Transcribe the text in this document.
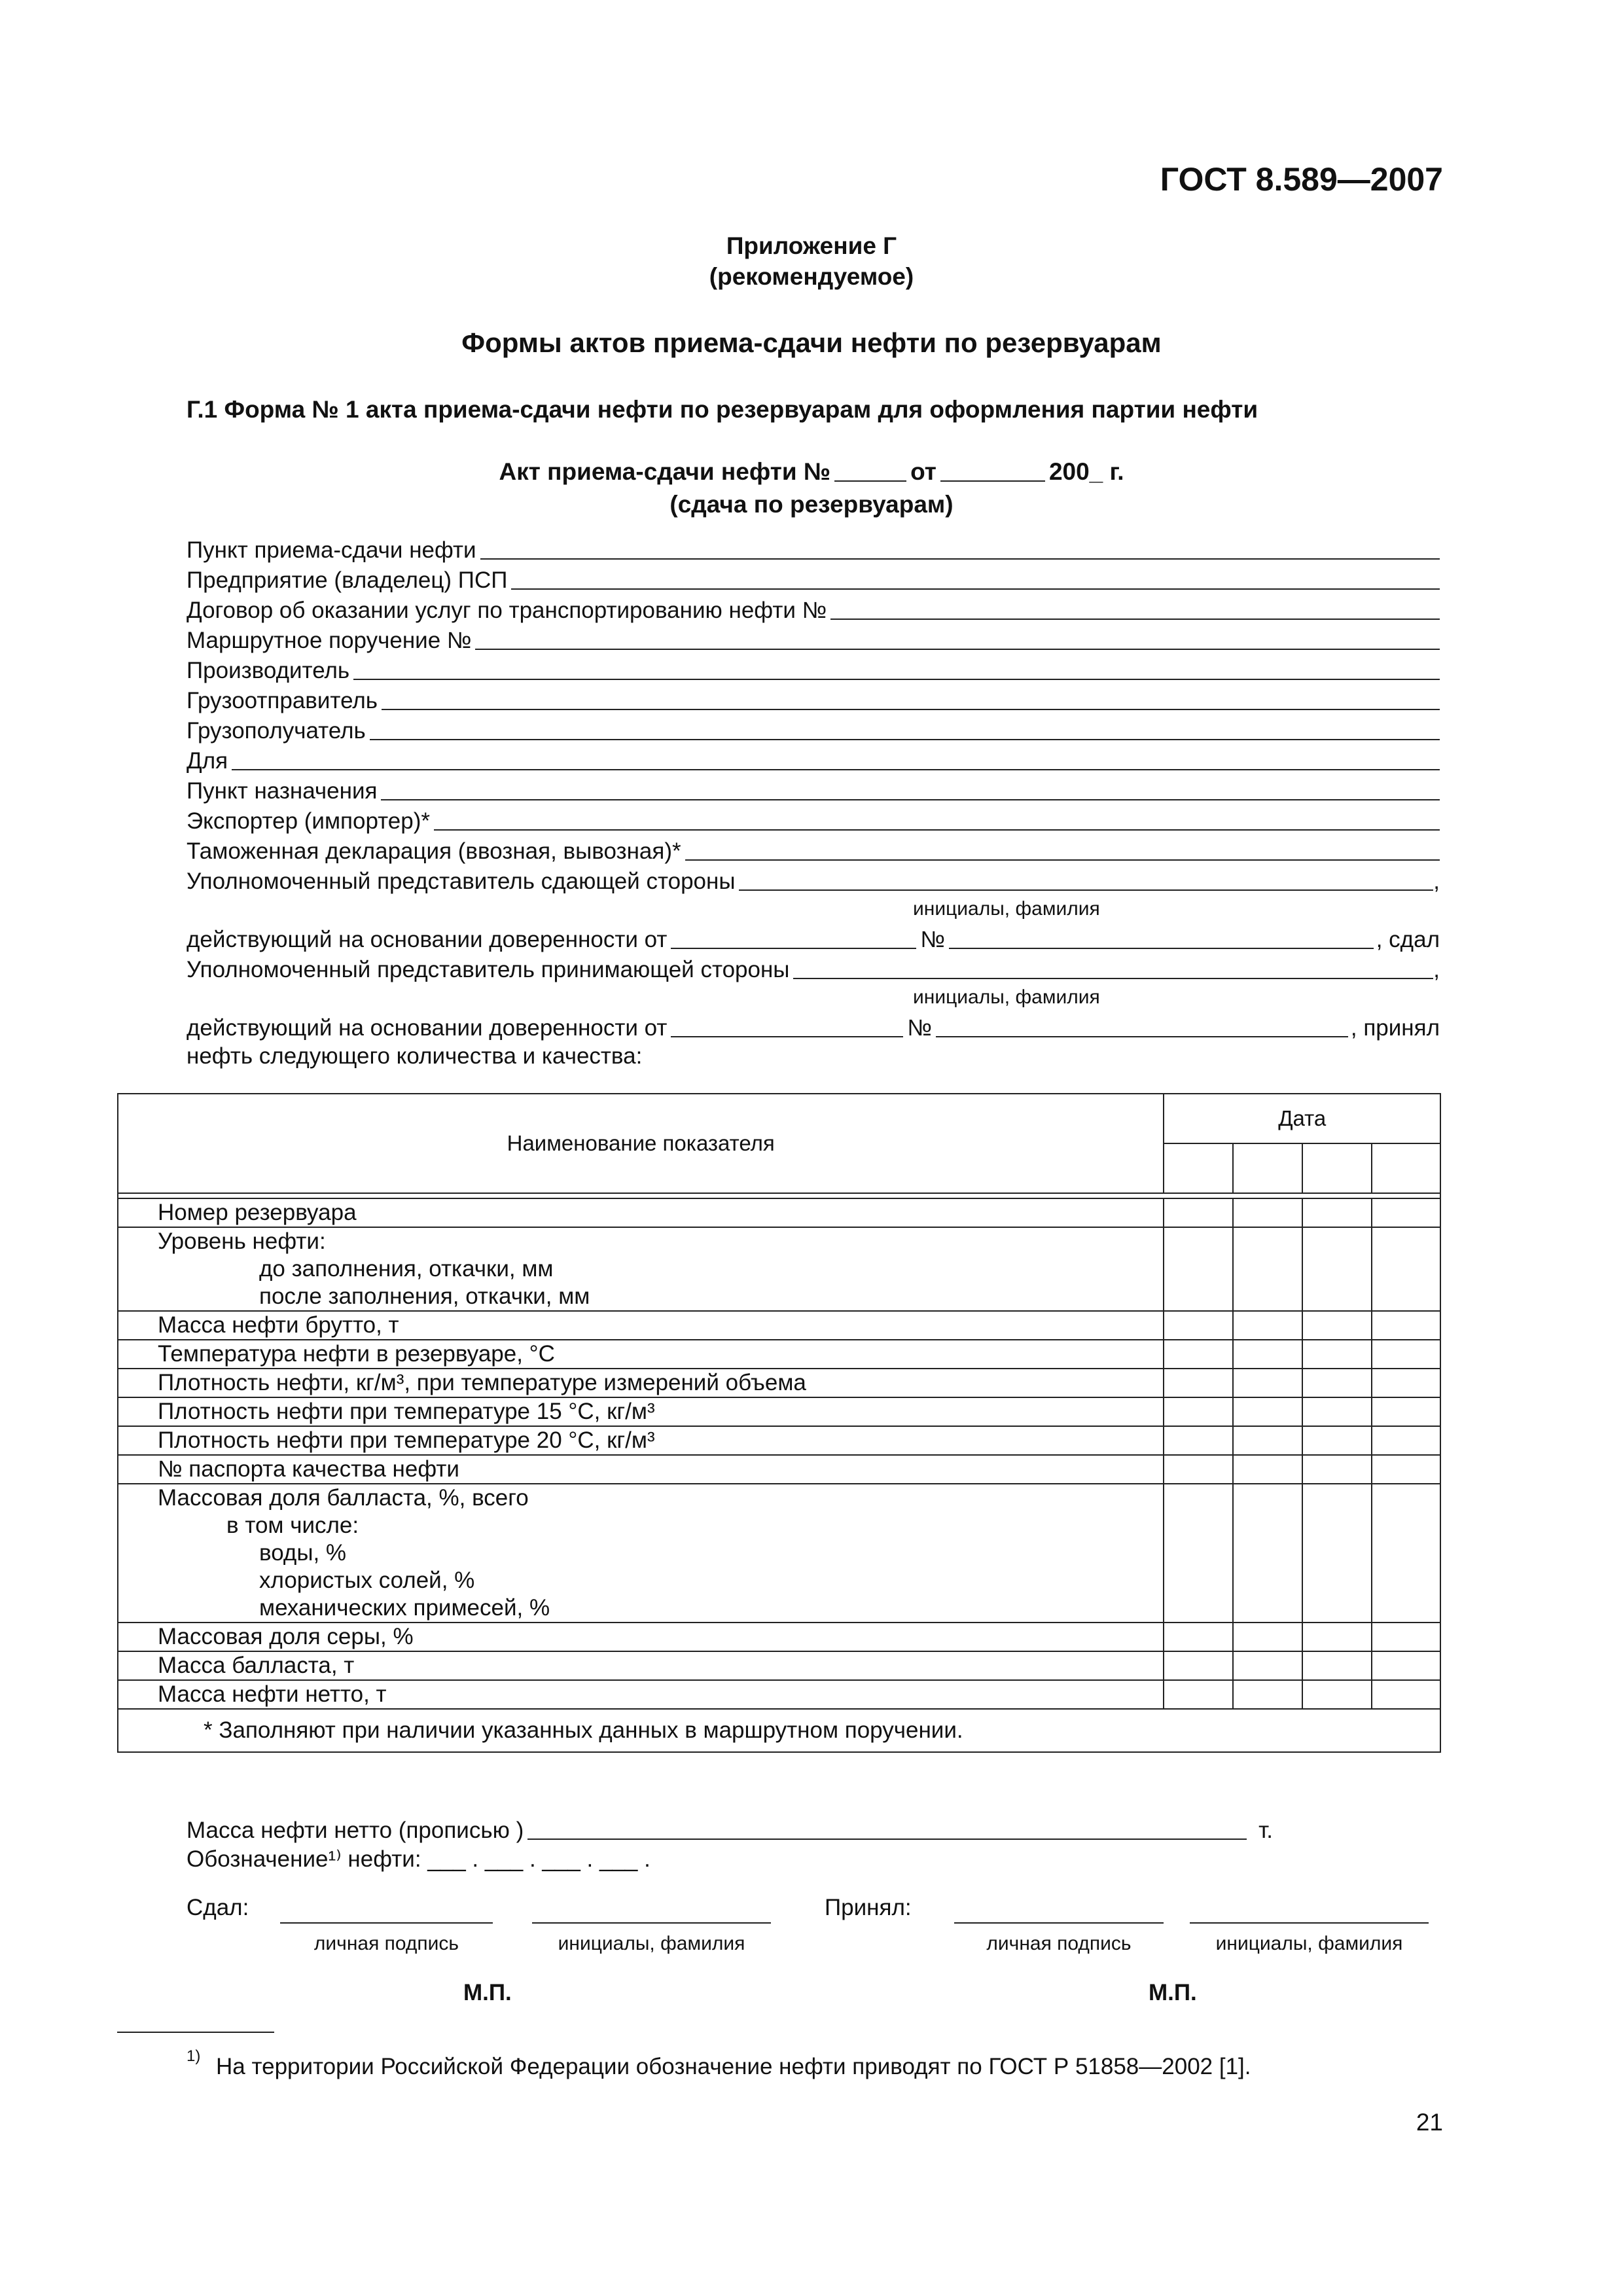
ГОСТ 8.589—2007
Приложение Г
(рекомендуемое)
Формы актов приема-сдачи нефти по резервуарам
Г.1 Форма № 1 акта приема-сдачи нефти по резервуарам для оформления партии нефти
Акт приема-сдачи нефти №	от	200_ г.
(сдача по резервуарам)
Пункт приема-сдачи нефти
Предприятие (владелец) ПСП
Договор об оказании услуг по транспортированию нефти №
Маршрутное поручение №
Производитель
Грузоотправитель
Грузополучатель
Для
Пункт назначения
Экспортер (импортер)*
Таможенная декларация (ввозная, вывозная)*
Уполномоченный представитель сдающей стороны	,
инициалы, фамилия
действующий на основании доверенности от	№	, сдал
Уполномоченный представитель принимающей стороны	,
инициалы, фамилия
действующий на основании доверенности от	№	, принял
нефть следующего количества и качества:
Наименование показателя	Дата			

Номер резервуара				

Уровень нефти:
до заполнения, откачки, мм
после заполнения, откачки, мм				

Масса нефти брутто, т				
Температура нефти в резервуаре, °С				
Плотность нефти, кг/м³, при температуре измерений объема				
Плотность нефти при температуре 15 °С, кг/м³				
Плотность нефти при температуре 20 °С, кг/м³				
№ паспорта качества нефти				

Массовая доля балласта, %, всего
в том числе:
воды, %
хлористых солей, %
механических примесей, %				

Массовая доля серы, %				
Масса балласта, т				
Масса нефти нетто, т				
* Заполняют при наличии указанных данных в маршрутном поручении.				
Масса нефти нетто (прописью )	т.
Обозначение¹⁾ нефти: ___ . ___ . ___ . ___ .
Сдал:
личная подпись	инициалы, фамилия
Принял:
личная подпись	инициалы, фамилия
М.П.	М.П.
1) На территории Российской Федерации обозначение нефти приводят по ГОСТ Р 51858—2002 [1].
21
